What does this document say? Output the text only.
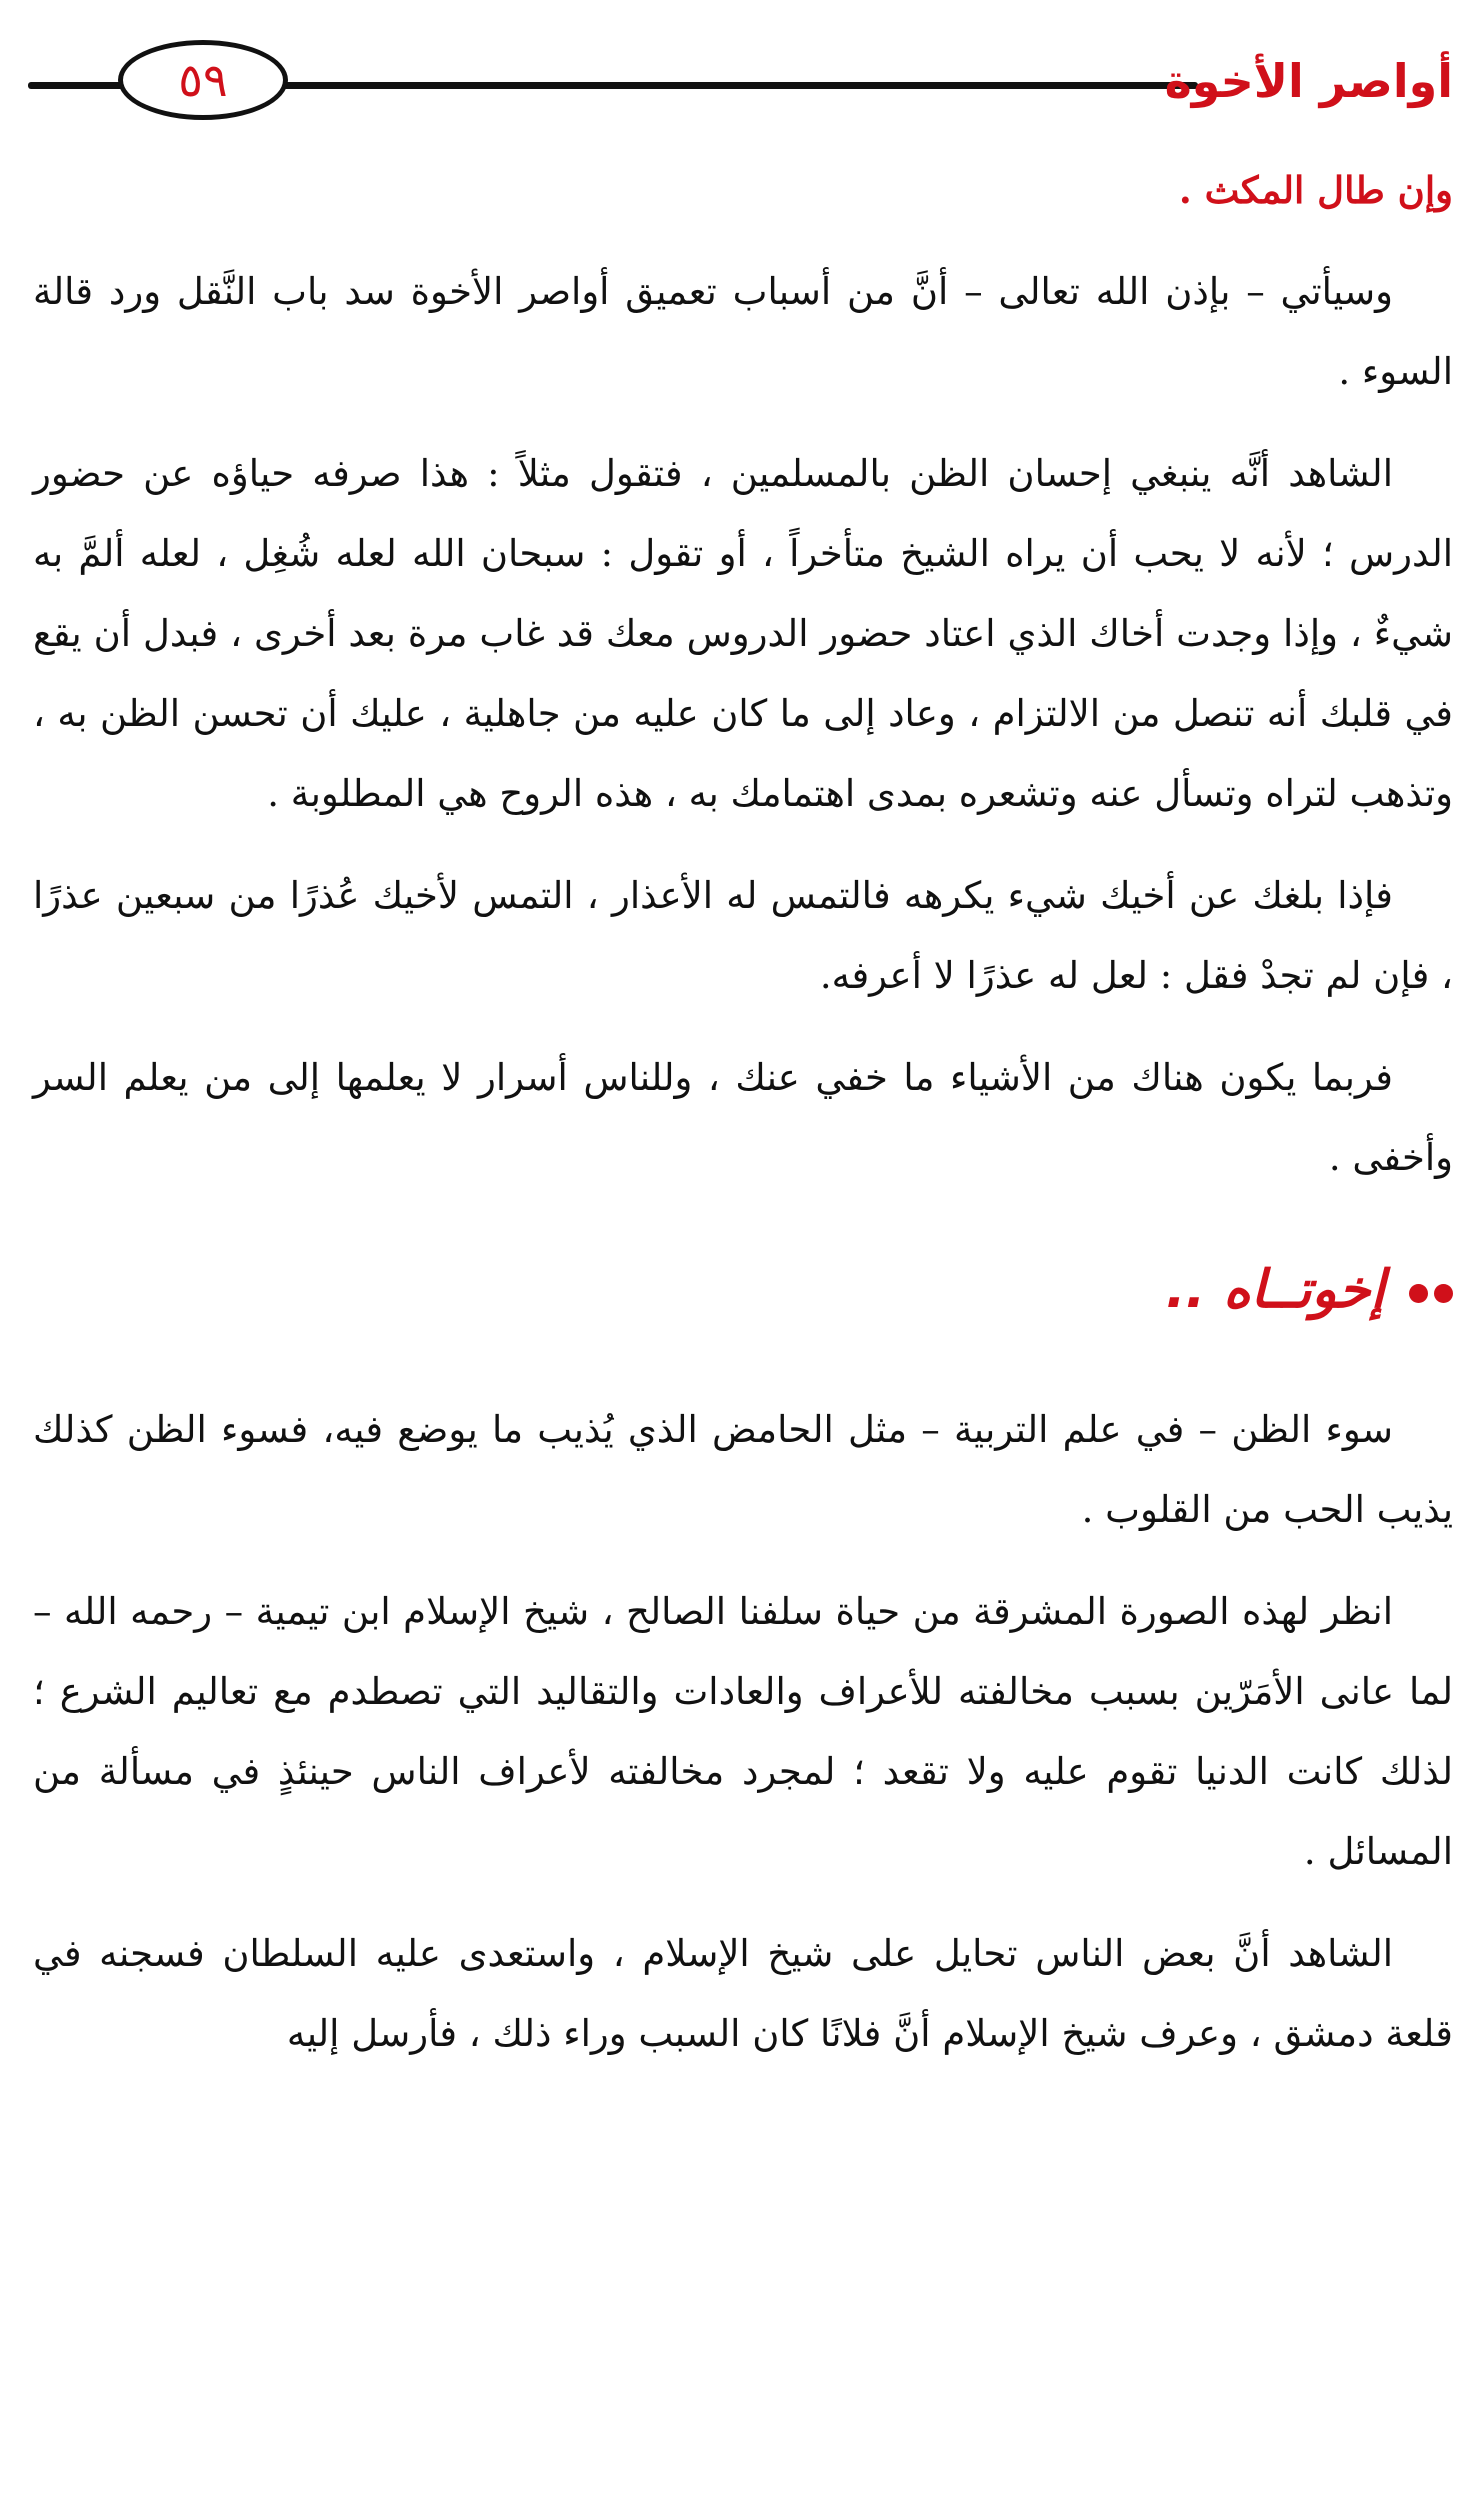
٥٩	أواصر الأخوة

وإن طال المكث .

وسيأتي – بإذن الله تعالى – أنَّ من أسباب تعميق أواصر الأخوة سد باب النَّقل ورد قالة السوء .

الشاهد أنَّه ينبغي إحسان الظن بالمسلمين ، فتقول مثلاً : هذا صرفه حياؤه عن حضور الدرس ؛ لأنه لا يحب أن يراه الشيخ متأخراً ، أو تقول : سبحان الله لعله شُغِل ، لعله ألمَّ به شيءٌ ، وإذا وجدت أخاك الذي اعتاد حضور الدروس معك قد غاب مرة بعد أخرى ، فبدل أن يقع في قلبك أنه تنصل من الالتزام ، وعاد إلى ما كان عليه من جاهلية ، عليك أن تحسن الظن به ، وتذهب لتراه وتسأل عنه وتشعره بمدى اهتمامك به ، هذه الروح هي المطلوبة .

فإذا بلغك عن أخيك شيء يكرهه فالتمس له الأعذار ، التمس لأخيك عُذرًا من سبعين عذرًا ، فإن لم تجدْ فقل : لعل له عذرًا لا أعرفه.

فربما يكون هناك من الأشياء ما خفي عنك ، وللناس أسرار لا يعلمها إلى من يعلم السر وأخفى .

إخوتــاه ..

سوء الظن – في علم التربية – مثل الحامض الذي يُذيب ما يوضع فيه، فسوء الظن كذلك يذيب الحب من القلوب .

انظر لهذه الصورة المشرقة من حياة سلفنا الصالح ، شيخ الإسلام ابن تيمية – رحمه الله – لما عانى الأمَرّين بسبب مخالفته للأعراف والعادات والتقاليد التي تصطدم مع تعاليم الشرع ؛ لذلك كانت الدنيا تقوم عليه ولا تقعد ؛ لمجرد مخالفته لأعراف الناس حينئذٍ في مسألة من المسائل .

الشاهد أنَّ بعض الناس تحايل على شيخ الإسلام ، واستعدى عليه السلطان فسجنه في قلعة دمشق ، وعرف شيخ الإسلام أنَّ فلانًا كان السبب وراء ذلك ، فأرسل إليه
